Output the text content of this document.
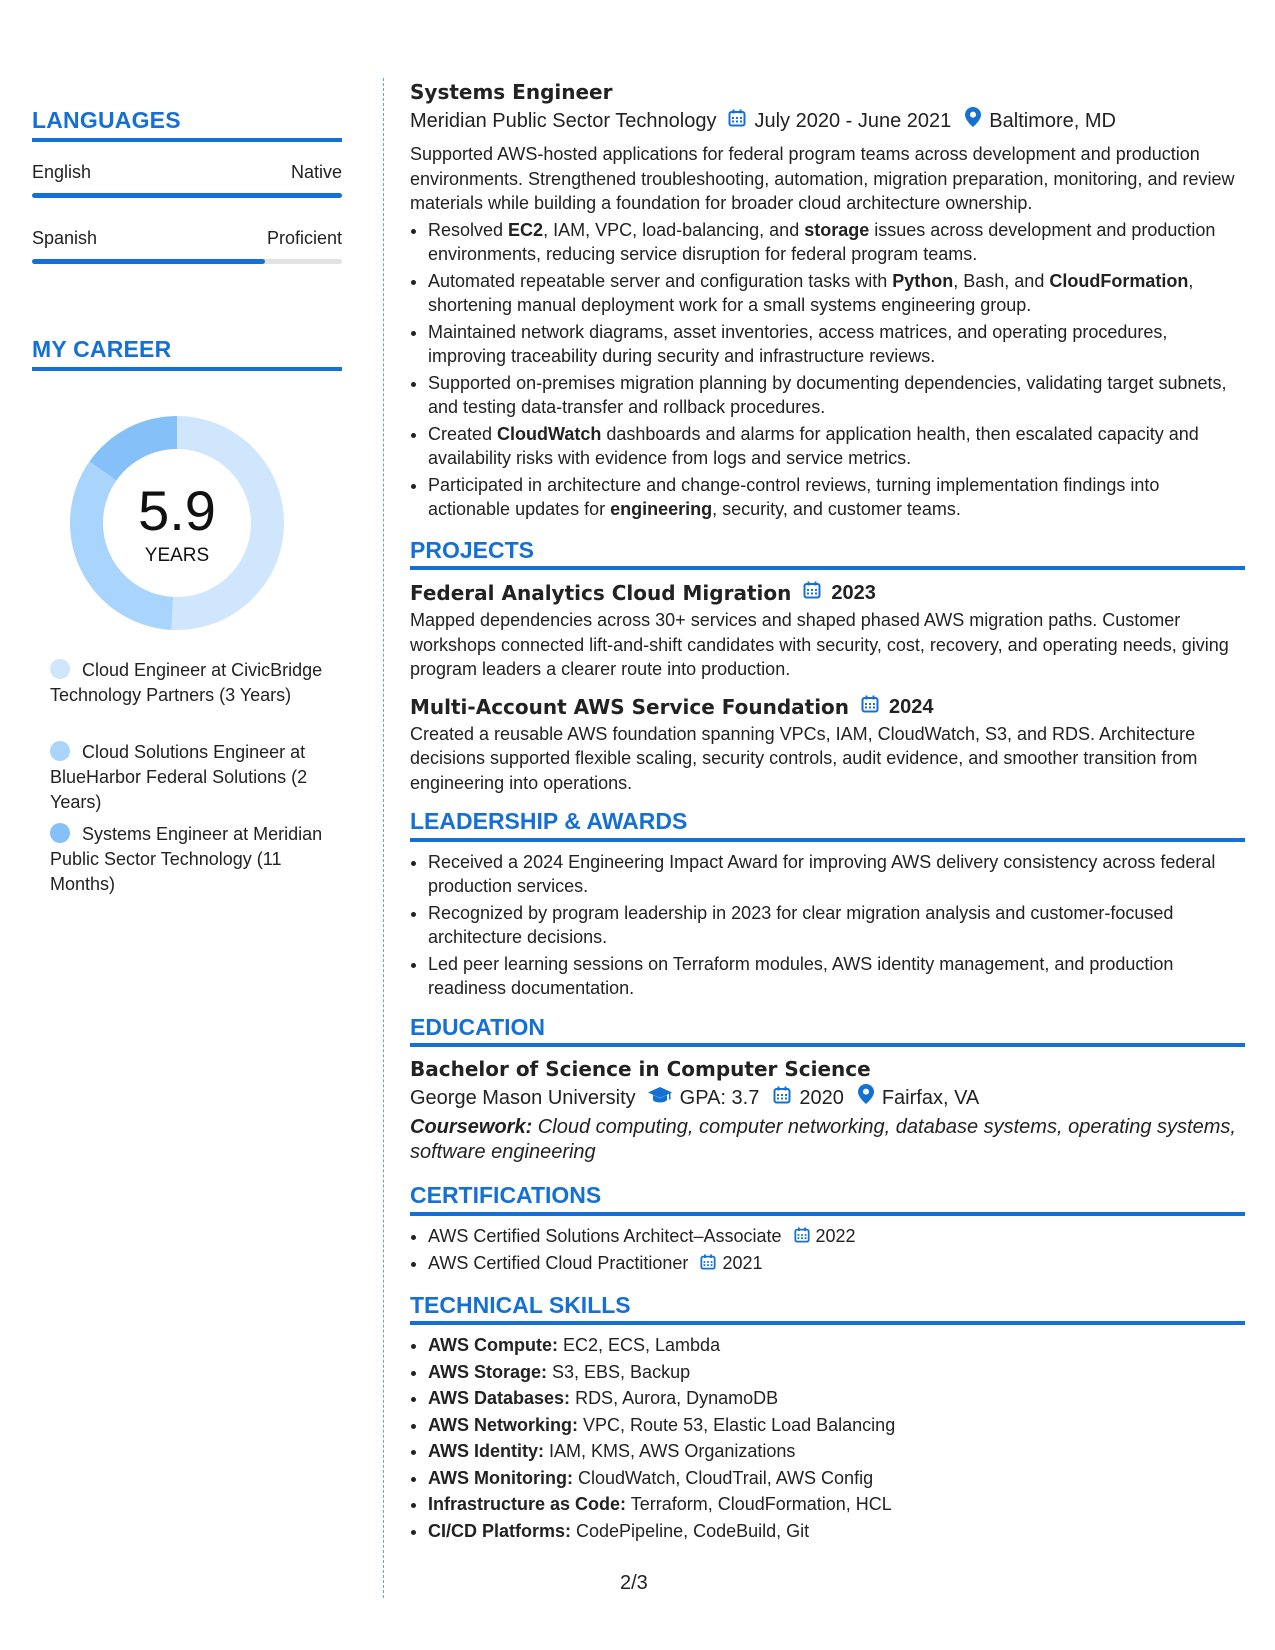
LANGUAGES
English	Native
Spanish	Proficient
MY CAREER
5.9
YEARS
Cloud Engineer at CivicBridge Technology Partners (3 Years)
Cloud Solutions Engineer at BlueHarbor Federal Solutions (2 Years)
Systems Engineer at Meridian Public Sector Technology (11 Months)
Systems Engineer
Meridian Public Sector Technology July 2020 - June 2021 Baltimore, MD

Supported AWS-hosted applications for federal program teams across development and production environments. Strengthened troubleshooting, automation, migration preparation, monitoring, and review materials while building a foundation for broader cloud architecture ownership.

• Resolved EC2, IAM, VPC, load-balancing, and storage issues across development and production environments, reducing service disruption for federal program teams.
• Automated repeatable server and configuration tasks with Python, Bash, and CloudFormation, shortening manual deployment work for a small systems engineering group.
• Maintained network diagrams, asset inventories, access matrices, and operating procedures, improving traceability during security and infrastructure reviews.
• Supported on-premises migration planning by documenting dependencies, validating target subnets, and testing data-transfer and rollback procedures.
• Created CloudWatch dashboards and alarms for application health, then escalated capacity and availability risks with evidence from logs and service metrics.
• Participated in architecture and change-control reviews, turning implementation findings into actionable updates for engineering, security, and customer teams.
PROJECTS
Federal Analytics Cloud Migration 2023

Mapped dependencies across 30+ services and shaped phased AWS migration paths. Customer workshops connected lift-and-shift candidates with security, cost, recovery, and operating needs, giving program leaders a clearer route into production.

Multi-Account AWS Service Foundation 2024

Created a reusable AWS foundation spanning VPCs, IAM, CloudWatch, S3, and RDS. Architecture decisions supported flexible scaling, security controls, audit evidence, and smoother transition from engineering into operations.

LEADERSHIP & AWARDS
• Received a 2024 Engineering Impact Award for improving AWS delivery consistency across federal production services.
• Recognized by program leadership in 2023 for clear migration analysis and customer-focused architecture decisions.
• Led peer learning sessions on Terraform modules, AWS identity management, and production readiness documentation.
EDUCATION
Bachelor of Science in Computer Science
George Mason University GPA: 3.7 2020 Fairfax, VA

Coursework: Cloud computing, computer networking, database systems, operating systems, software engineering

CERTIFICATIONS
• AWS Certified Solutions Architect–Associate 2022
• AWS Certified Cloud Practitioner 2021
TECHNICAL SKILLS
• AWS Compute: EC2, ECS, Lambda
• AWS Storage: S3, EBS, Backup
• AWS Databases: RDS, Aurora, DynamoDB
• AWS Networking: VPC, Route 53, Elastic Load Balancing
• AWS Identity: IAM, KMS, AWS Organizations
• AWS Monitoring: CloudWatch, CloudTrail, AWS Config
• Infrastructure as Code: Terraform, CloudFormation, HCL
• CI/CD Platforms: CodePipeline, CodeBuild, Git
2/3
